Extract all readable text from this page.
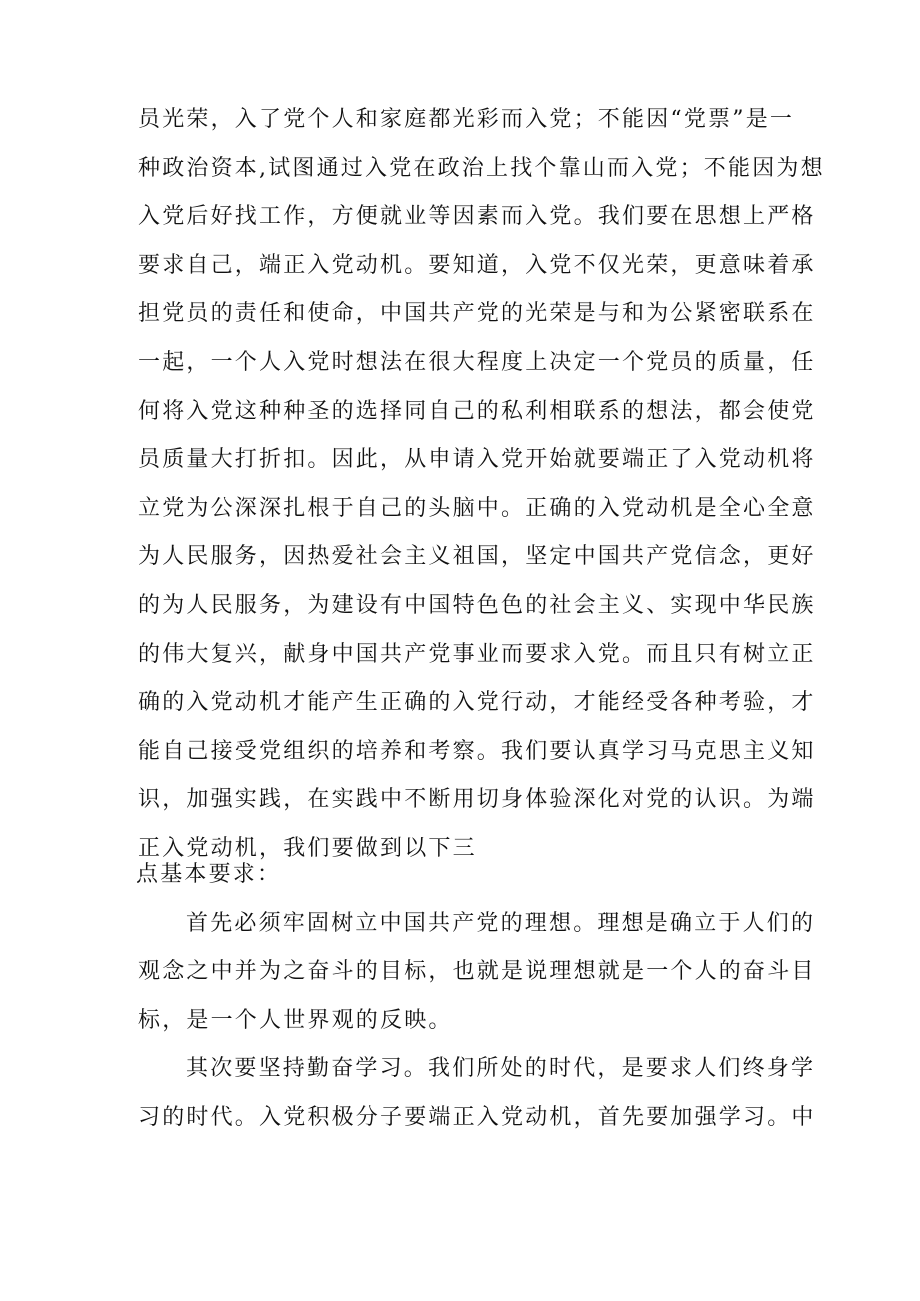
员光荣，入了党个人和家庭都光彩而入党；不能因“党票”是一
种政治资本,试图通过入党在政治上找个靠山而入党；不能因为想
入党后好找工作，方便就业等因素而入党。我们要在思想上严格
要求自己，端正入党动机。要知道，入党不仅光荣，更意味着承
担党员的责任和使命，中国共产党的光荣是与和为公紧密联系在
一起，一个人入党时想法在很大程度上决定一个党员的质量，任
何将入党这种种圣的选择同自己的私利相联系的想法，都会使党
员质量大打折扣。因此，从申请入党开始就要端正了入党动机将
立党为公深深扎根于自己的头脑中。正确的入党动机是全心全意
为人民服务，因热爱社会主义祖国，坚定中国共产党信念，更好
的为人民服务，为建设有中国特色色的社会主义、实现中华民族
的伟大复兴，献身中国共产党事业而要求入党。而且只有树立正
确的入党动机才能产生正确的入党行动，才能经受各种考验，才
能自己接受党组织的培养和考察。我们要认真学习马克思主义知
识，加强实践，在实践中不断用切身体验深化对党的认识。为端
正入党动机，我们要做到以下三
点基本要求：
首先必须牢固树立中国共产党的理想。理想是确立于人们的
观念之中并为之奋斗的目标，也就是说理想就是一个人的奋斗目
标，是一个人世界观的反映。
其次要坚持勤奋学习。我们所处的时代，是要求人们终身学
习的时代。入党积极分子要端正入党动机，首先要加强学习。中
